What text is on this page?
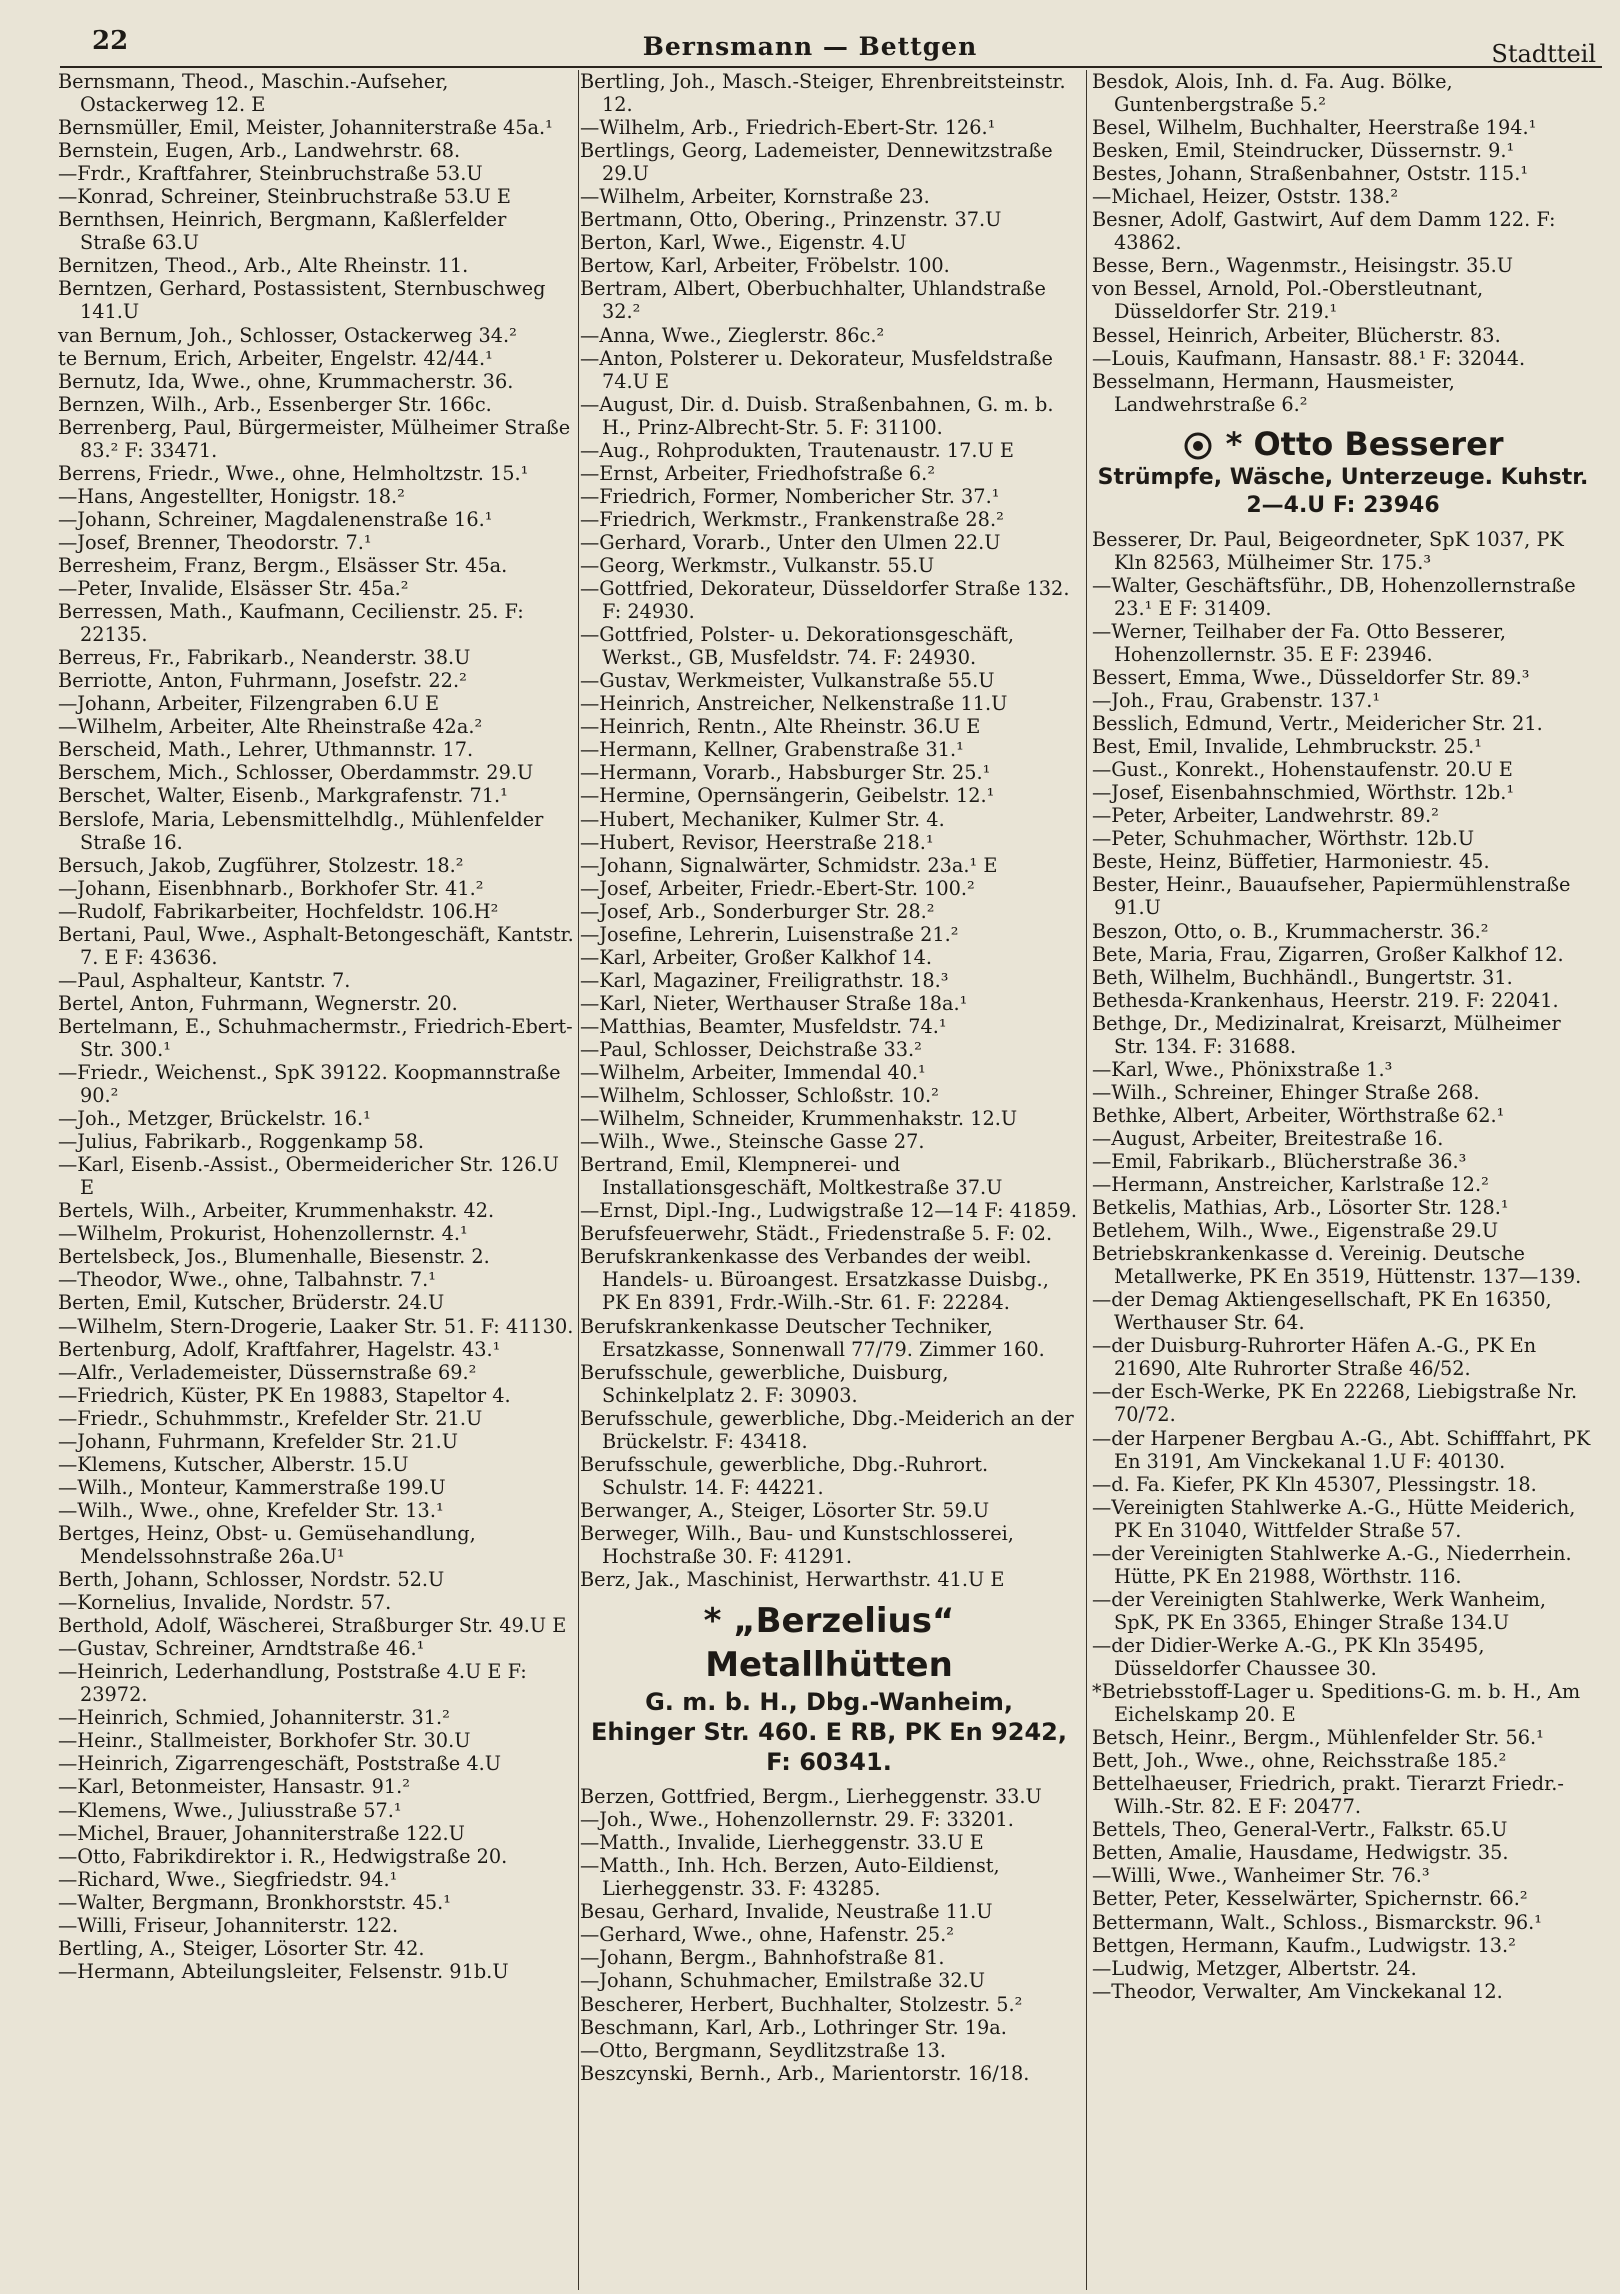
22	Bernsmann — Bettgen	Stadtteil
Bernsmann, Theod., Maschin.-Aufseher, Ostackerweg 12. E
Bernsmüller, Emil, Meister, Johanniterstraße 45a.¹
Bernstein, Eugen, Arb., Landwehrstr. 68.
—Frdr., Kraftfahrer, Steinbruchstraße 53.U
—Konrad, Schreiner, Steinbruchstraße 53.U E
Bernthsen, Heinrich, Bergmann, Kaßlerfelder Straße 63.U
Bernitzen, Theod., Arb., Alte Rheinstr. 11.
Berntzen, Gerhard, Postassistent, Sternbuschweg 141.U
van Bernum, Joh., Schlosser, Ostackerweg 34.²
te Bernum, Erich, Arbeiter, Engelstr. 42/44.¹
Bernutz, Ida, Wwe., ohne, Krummacherstr. 36.
Bernzen, Wilh., Arb., Essenberger Str. 166c.
Berrenberg, Paul, Bürgermeister, Mülheimer Straße 83.² F: 33471.
Berrens, Friedr., Wwe., ohne, Helmholtzstr. 15.¹
—Hans, Angestellter, Honigstr. 18.²
—Johann, Schreiner, Magdalenenstraße 16.¹
—Josef, Brenner, Theodorstr. 7.¹
Berresheim, Franz, Bergm., Elsässer Str. 45a.
—Peter, Invalide, Elsässer Str. 45a.²
Berressen, Math., Kaufmann, Cecilienstr. 25. F: 22135.
Berreus, Fr., Fabrikarb., Neanderstr. 38.U
Berriotte, Anton, Fuhrmann, Josefstr. 22.²
—Johann, Arbeiter, Filzengraben 6.U E
—Wilhelm, Arbeiter, Alte Rheinstraße 42a.²
Berscheid, Math., Lehrer, Uthmannstr. 17.
Berschem, Mich., Schlosser, Oberdammstr. 29.U
Berschet, Walter, Eisenb., Markgrafenstr. 71.¹
Berslofe, Maria, Lebensmittelhdlg., Mühlenfelder Straße 16.
Bersuch, Jakob, Zugführer, Stolzestr. 18.²
—Johann, Eisenbhnarb., Borkhofer Str. 41.²
—Rudolf, Fabrikarbeiter, Hochfeldstr. 106.H²
Bertani, Paul, Wwe., Asphalt-Betongeschäft, Kantstr. 7. E F: 43636.
—Paul, Asphalteur, Kantstr. 7.
Bertel, Anton, Fuhrmann, Wegnerstr. 20.
Bertelmann, E., Schuhmachermstr., Friedrich-Ebert-Str. 300.¹
—Friedr., Weichenst., SpK 39122. Koopmannstraße 90.²
—Joh., Metzger, Brückelstr. 16.¹
—Julius, Fabrikarb., Roggenkamp 58.
—Karl, Eisenb.-Assist., Obermeidericher Str. 126.U E
Bertels, Wilh., Arbeiter, Krummenhakstr. 42.
—Wilhelm, Prokurist, Hohenzollernstr. 4.¹
Bertelsbeck, Jos., Blumenhalle, Biesenstr. 2.
—Theodor, Wwe., ohne, Talbahnstr. 7.¹
Berten, Emil, Kutscher, Brüderstr. 24.U
—Wilhelm, Stern-Drogerie, Laaker Str. 51. F: 41130.
Bertenburg, Adolf, Kraftfahrer, Hagelstr. 43.¹
—Alfr., Verlademeister, Düssernstraße 69.²
—Friedrich, Küster, PK En 19883, Stapeltor 4.
—Friedr., Schuhmmstr., Krefelder Str. 21.U
—Johann, Fuhrmann, Krefelder Str. 21.U
—Klemens, Kutscher, Alberstr. 15.U
—Wilh., Monteur, Kammerstraße 199.U
—Wilh., Wwe., ohne, Krefelder Str. 13.¹
Bertges, Heinz, Obst- u. Gemüsehandlung, Mendelssohnstraße 26a.U¹
Berth, Johann, Schlosser, Nordstr. 52.U
—Kornelius, Invalide, Nordstr. 57.
Berthold, Adolf, Wäscherei, Straßburger Str. 49.U E
—Gustav, Schreiner, Arndtstraße 46.¹
—Heinrich, Lederhandlung, Poststraße 4.U E F: 23972.
—Heinrich, Schmied, Johanniterstr. 31.²
—Heinr., Stallmeister, Borkhofer Str. 30.U
—Heinrich, Zigarrengeschäft, Poststraße 4.U
—Karl, Betonmeister, Hansastr. 91.²
—Klemens, Wwe., Juliusstraße 57.¹
—Michel, Brauer, Johanniterstraße 122.U
—Otto, Fabrikdirektor i. R., Hedwigstraße 20.
—Richard, Wwe., Siegfriedstr. 94.¹
—Walter, Bergmann, Bronkhorststr. 45.¹
—Willi, Friseur, Johanniterstr. 122.
Bertling, A., Steiger, Lösorter Str. 42.
—Hermann, Abteilungsleiter, Felsenstr. 91b.U
Bertling, Joh., Masch.-Steiger, Ehrenbreitsteinstr. 12.
—Wilhelm, Arb., Friedrich-Ebert-Str. 126.¹
Bertlings, Georg, Lademeister, Dennewitzstraße 29.U
—Wilhelm, Arbeiter, Kornstraße 23.
Bertmann, Otto, Obering., Prinzenstr. 37.U
Berton, Karl, Wwe., Eigenstr. 4.U
Bertow, Karl, Arbeiter, Fröbelstr. 100.
Bertram, Albert, Oberbuchhalter, Uhlandstraße 32.²
—Anna, Wwe., Zieglerstr. 86c.²
—Anton, Polsterer u. Dekorateur, Musfeldstraße 74.U E
—August, Dir. d. Duisb. Straßenbahnen, G. m. b. H., Prinz-Albrecht-Str. 5. F: 31100.
—Aug., Rohprodukten, Trautenaustr. 17.U E
—Ernst, Arbeiter, Friedhofstraße 6.²
—Friedrich, Former, Nombericher Str. 37.¹
—Friedrich, Werkmstr., Frankenstraße 28.²
—Gerhard, Vorarb., Unter den Ulmen 22.U
—Georg, Werkmstr., Vulkanstr. 55.U
—Gottfried, Dekorateur, Düsseldorfer Straße 132. F: 24930.
—Gottfried, Polster- u. Dekorationsgeschäft, Werkst., GB, Musfeldstr. 74. F: 24930.
—Gustav, Werkmeister, Vulkanstraße 55.U
—Heinrich, Anstreicher, Nelkenstraße 11.U
—Heinrich, Rentn., Alte Rheinstr. 36.U E
—Hermann, Kellner, Grabenstraße 31.¹
—Hermann, Vorarb., Habsburger Str. 25.¹
—Hermine, Opernsängerin, Geibelstr. 12.¹
—Hubert, Mechaniker, Kulmer Str. 4.
—Hubert, Revisor, Heerstraße 218.¹
—Johann, Signalwärter, Schmidstr. 23a.¹ E
—Josef, Arbeiter, Friedr.-Ebert-Str. 100.²
—Josef, Arb., Sonderburger Str. 28.²
—Josefine, Lehrerin, Luisenstraße 21.²
—Karl, Arbeiter, Großer Kalkhof 14.
—Karl, Magaziner, Freiligrathstr. 18.³
—Karl, Nieter, Werthauser Straße 18a.¹
—Matthias, Beamter, Musfeldstr. 74.¹
—Paul, Schlosser, Deichstraße 33.²
—Wilhelm, Arbeiter, Immendal 40.¹
—Wilhelm, Schlosser, Schloßstr. 10.²
—Wilhelm, Schneider, Krummenhakstr. 12.U
—Wilh., Wwe., Steinsche Gasse 27.
Bertrand, Emil, Klempnerei- und Installationsgeschäft, Moltkestraße 37.U
—Ernst, Dipl.-Ing., Ludwigstraße 12—14 F: 41859.
Berufsfeuerwehr, Städt., Friedenstraße 5. F: 02.
Berufskrankenkasse des Verbandes der weibl. Handels- u. Büroangest. Ersatzkasse Duisbg., PK En 8391, Frdr.-Wilh.-Str. 61. F: 22284.
Berufskrankenkasse Deutscher Techniker, Ersatzkasse, Sonnenwall 77/79. Zimmer 160.
Berufsschule, gewerbliche, Duisburg, Schinkelplatz 2. F: 30903.
Berufsschule, gewerbliche, Dbg.-Meiderich an der Brückelstr. F: 43418.
Berufsschule, gewerbliche, Dbg.-Ruhrort. Schulstr. 14. F: 44221.
Berwanger, A., Steiger, Lösorter Str. 59.U
Berweger, Wilh., Bau- und Kunstschlosserei, Hochstraße 30. F: 41291.
Berz, Jak., Maschinist, Herwarthstr. 41.U E
* „Berzelius“ Metallhütten
G. m. b. H., Dbg.-Wanheim,
Ehinger Str. 460. E RB, PK En 9242,
F: 60341.
Berzen, Gottfried, Bergm., Lierheggenstr. 33.U
—Joh., Wwe., Hohenzollernstr. 29. F: 33201.
—Matth., Invalide, Lierheggenstr. 33.U E
—Matth., Inh. Hch. Berzen, Auto-Eildienst, Lierheggenstr. 33. F: 43285.
Besau, Gerhard, Invalide, Neustraße 11.U
—Gerhard, Wwe., ohne, Hafenstr. 25.²
—Johann, Bergm., Bahnhofstraße 81.
—Johann, Schuhmacher, Emilstraße 32.U
Bescherer, Herbert, Buchhalter, Stolzestr. 5.²
Beschmann, Karl, Arb., Lothringer Str. 19a.
—Otto, Bergmann, Seydlitzstraße 13.
Beszcynski, Bernh., Arb., Marientorstr. 16/18.
Besdok, Alois, Inh. d. Fa. Aug. Bölke, Guntenbergstraße 5.²
Besel, Wilhelm, Buchhalter, Heerstraße 194.¹
Besken, Emil, Steindrucker, Düssernstr. 9.¹
Bestes, Johann, Straßenbahner, Oststr. 115.¹
—Michael, Heizer, Oststr. 138.²
Besner, Adolf, Gastwirt, Auf dem Damm 122. F: 43862.
Besse, Bern., Wagenmstr., Heisingstr. 35.U
von Bessel, Arnold, Pol.-Oberstleutnant, Düsseldorfer Str. 219.¹
Bessel, Heinrich, Arbeiter, Blücherstr. 83.
—Louis, Kaufmann, Hansastr. 88.¹ F: 32044.
Besselmann, Hermann, Hausmeister, Landwehrstraße 6.²
* Otto Besserer
Strümpfe, Wäsche, Unterzeuge. Kuhstr. 2—4.U F: 23946
Besserer, Dr. Paul, Beigeordneter, SpK 1037, PK Kln 82563, Mülheimer Str. 175.³
—Walter, Geschäftsführ., DB, Hohenzollernstraße 23.¹ E F: 31409.
—Werner, Teilhaber der Fa. Otto Besserer, Hohenzollernstr. 35. E F: 23946.
Bessert, Emma, Wwe., Düsseldorfer Str. 89.³
—Joh., Frau, Grabenstr. 137.¹
Besslich, Edmund, Vertr., Meidericher Str. 21.
Best, Emil, Invalide, Lehmbruckstr. 25.¹
—Gust., Konrekt., Hohenstaufenstr. 20.U E
—Josef, Eisenbahnschmied, Wörthstr. 12b.¹
—Peter, Arbeiter, Landwehrstr. 89.²
—Peter, Schuhmacher, Wörthstr. 12b.U
Beste, Heinz, Büffetier, Harmoniestr. 45.
Bester, Heinr., Bauaufseher, Papiermühlenstraße 91.U
Beszon, Otto, o. B., Krummacherstr. 36.²
Bete, Maria, Frau, Zigarren, Großer Kalkhof 12.
Beth, Wilhelm, Buchhändl., Bungertstr. 31.
Bethesda-Krankenhaus, Heerstr. 219. F: 22041.
Bethge, Dr., Medizinalrat, Kreisarzt, Mülheimer Str. 134. F: 31688.
—Karl, Wwe., Phönixstraße 1.³
—Wilh., Schreiner, Ehinger Straße 268.
Bethke, Albert, Arbeiter, Wörthstraße 62.¹
—August, Arbeiter, Breitestraße 16.
—Emil, Fabrikarb., Blücherstraße 36.³
—Hermann, Anstreicher, Karlstraße 12.²
Betkelis, Mathias, Arb., Lösorter Str. 128.¹
Betlehem, Wilh., Wwe., Eigenstraße 29.U
Betriebskrankenkasse d. Vereinig. Deutsche Metallwerke, PK En 3519, Hüttenstr. 137—139.
—der Demag Aktiengesellschaft, PK En 16350, Werthauser Str. 64.
—der Duisburg-Ruhrorter Häfen A.-G., PK En 21690, Alte Ruhrorter Straße 46/52.
—der Esch-Werke, PK En 22268, Liebigstraße Nr. 70/72.
—der Harpener Bergbau A.-G., Abt. Schifffahrt, PK En 3191, Am Vinckekanal 1.U F: 40130.
—d. Fa. Kiefer, PK Kln 45307, Plessingstr. 18.
—Vereinigten Stahlwerke A.-G., Hütte Meiderich, PK En 31040, Wittfelder Straße 57.
—der Vereinigten Stahlwerke A.-G., Niederrhein. Hütte, PK En 21988, Wörthstr. 116.
—der Vereinigten Stahlwerke, Werk Wanheim, SpK, PK En 3365, Ehinger Straße 134.U
—der Didier-Werke A.-G., PK Kln 35495, Düsseldorfer Chaussee 30.
*Betriebsstoff-Lager u. Speditions-G. m. b. H., Am Eichelskamp 20. E
Betsch, Heinr., Bergm., Mühlenfelder Str. 56.¹
Bett, Joh., Wwe., ohne, Reichsstraße 185.²
Bettelhaeuser, Friedrich, prakt. Tierarzt Friedr.-Wilh.-Str. 82. E F: 20477.
Bettels, Theo, General-Vertr., Falkstr. 65.U
Betten, Amalie, Hausdame, Hedwigstr. 35.
—Willi, Wwe., Wanheimer Str. 76.³
Better, Peter, Kesselwärter, Spichernstr. 66.²
Bettermann, Walt., Schloss., Bismarckstr. 96.¹
Bettgen, Hermann, Kaufm., Ludwigstr. 13.²
—Ludwig, Metzger, Albertstr. 24.
—Theodor, Verwalter, Am Vinckekanal 12.
